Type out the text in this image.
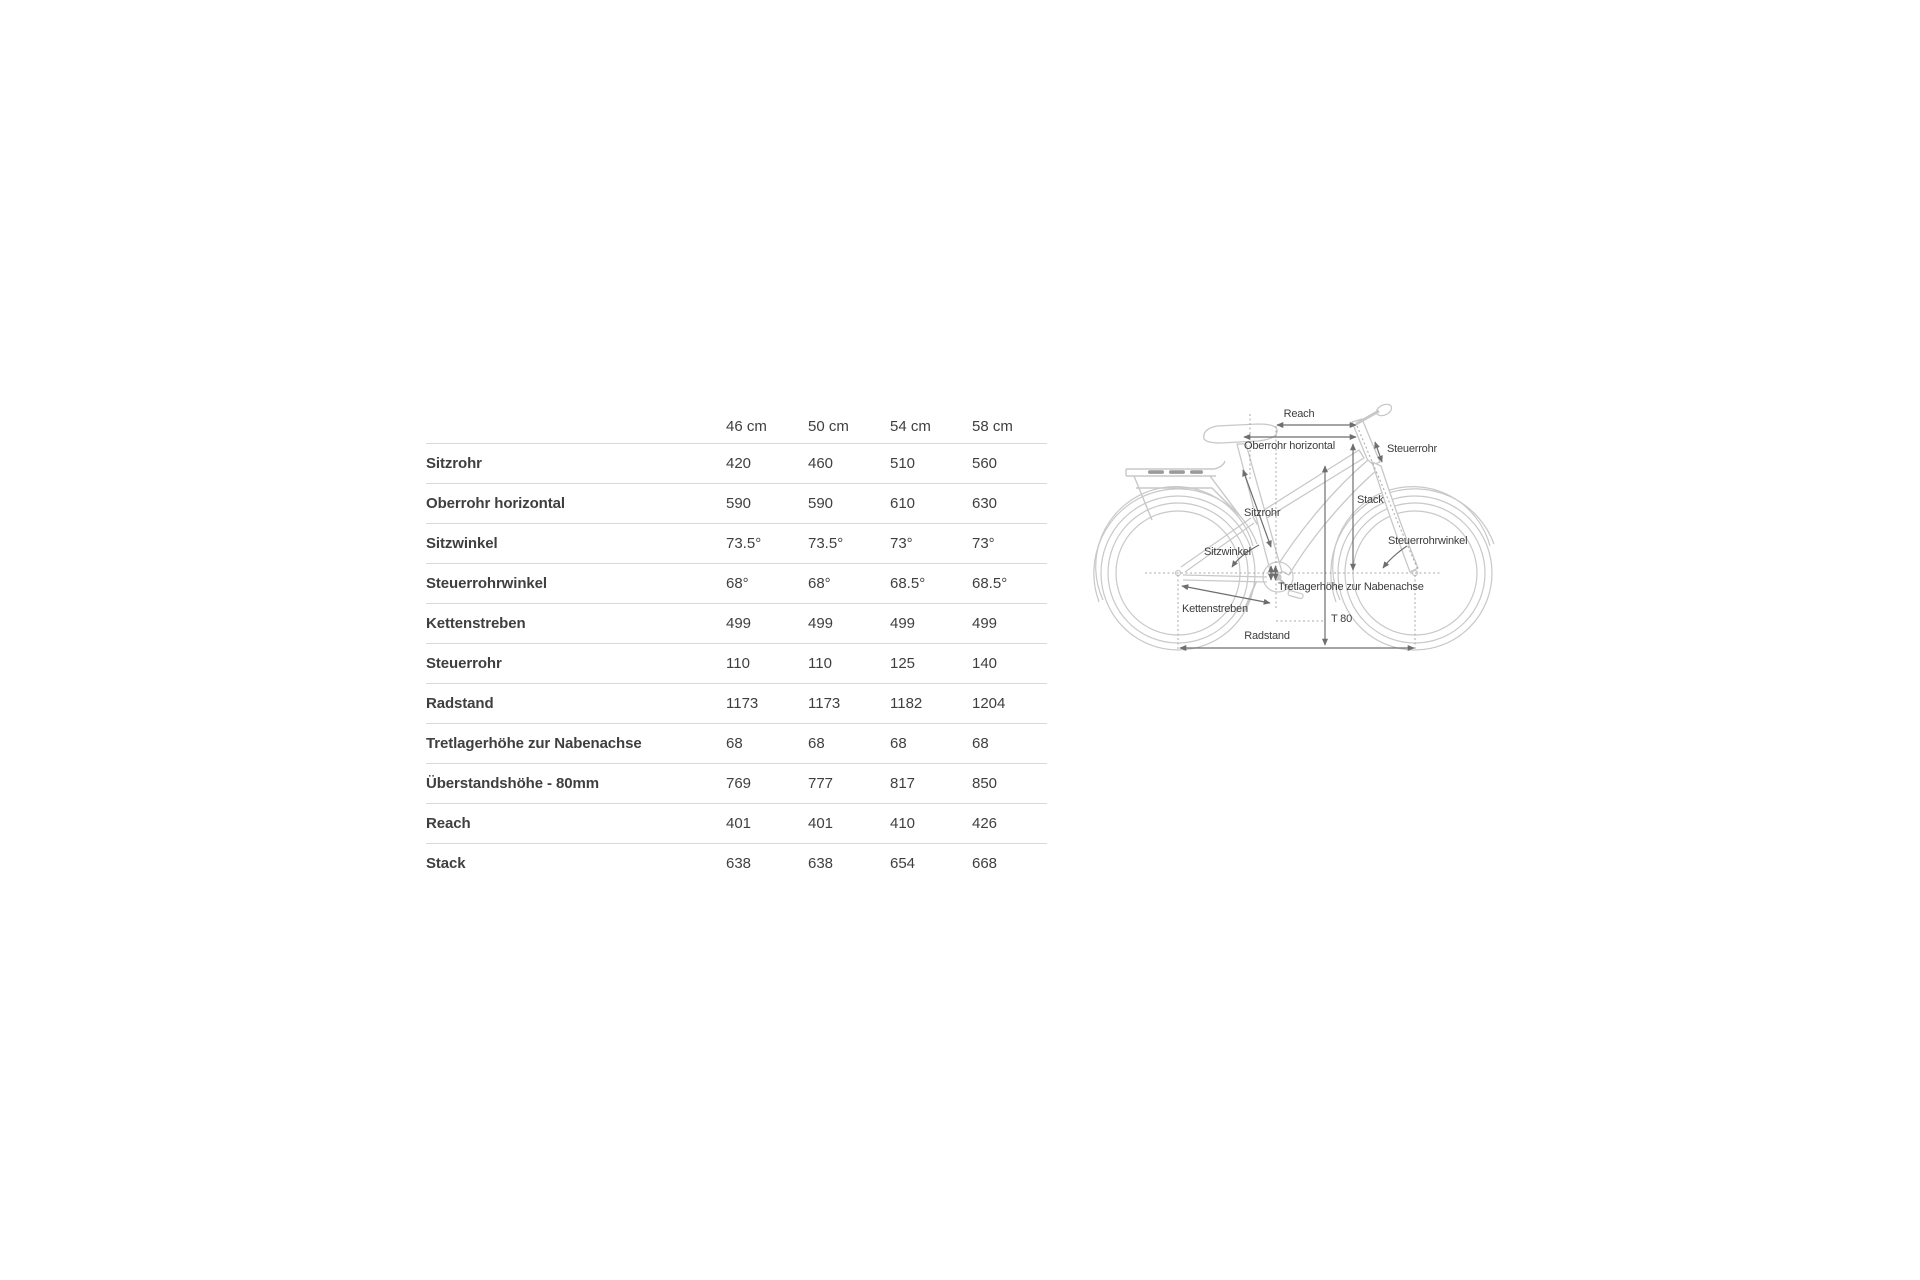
	46 cm	50 cm	54 cm	58 cm
Sitzrohr	420	460	510	560
Oberrohr horizontal	590	590	610	630
Sitzwinkel	73.5°	73.5°	73°	73°
Steuerrohrwinkel	68°	68°	68.5°	68.5°
Kettenstreben	499	499	499	499
Steuerrohr	110	110	125	140
Radstand	1173	1173	1182	1204
Tretlagerhöhe zur Nabenachse	68	68	68	68
Überstandshöhe - 80mm	769	777	817	850
Reach	401	401	410	426
Stack	638	638	654	668
Reach
Oberrohr horizontal	Steuerrohr
Stack
Sitzrohr
Sitzwinkel
Steuerrohrwinkel
Tretlagerhöhe zur Nabenachse
Kettenstreben
T 80
Radstand
